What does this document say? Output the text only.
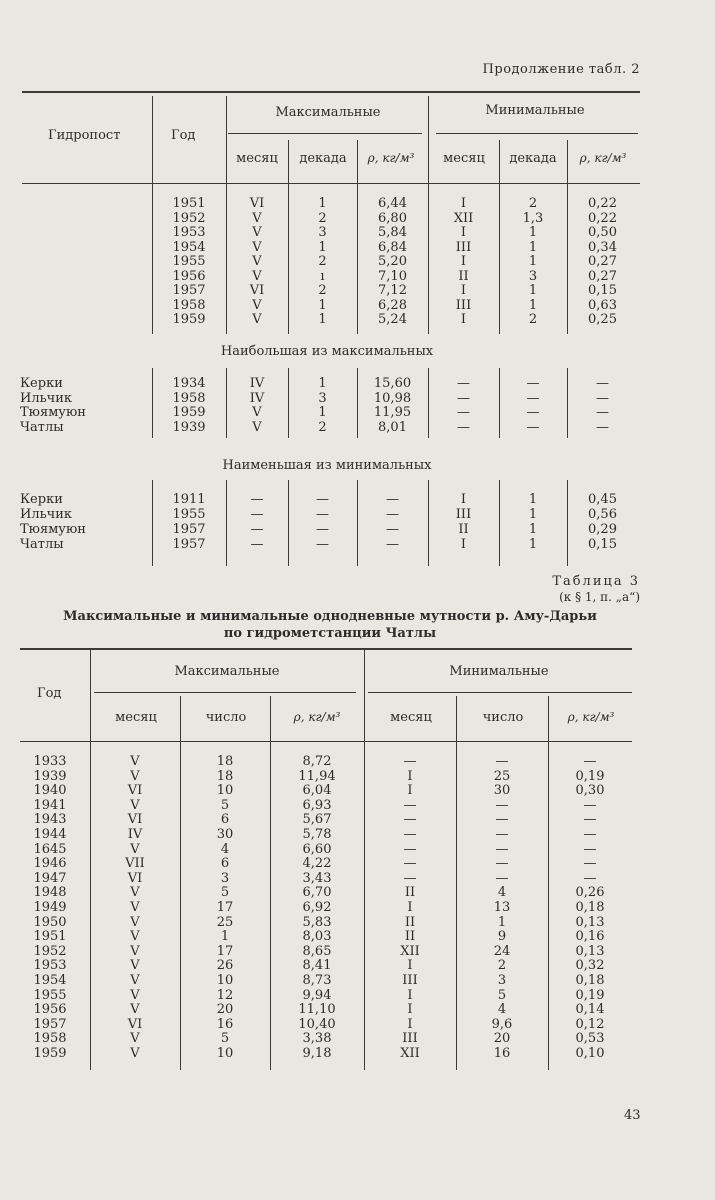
Продолжение табл. 2
Гидропост	Год
Максимальные	Минимальные
месяц	декада	ρ, кг/м³	месяц	декада	ρ, кг/м³
Наибольшая из максимальных
Наименьшая из минимальных
Таблица 3
(к § 1, п. „а“)
Максимальные и минимальные однодневные мутности р. Аму-Дарьи
по гидрометстанции Чатлы
Год
Максимальные	Минимальные
месяц	число	ρ, кг/м³	месяц	число	ρ, кг/м³
43
1951	VI	1	6,44	I	2	0,22
1952	V	2	6,80	XII	1,3	0,22
1953	V	3	5,84	I	1	0,50
1954	V	1	6,84	III	1	0,34
1955	V	2	5,20	I	1	0,27
1956	V	ı	7,10	II	3	0,27
1957	VI	2	7,12	I	1	0,15
1958	V	1	6,28	III	1	0,63
1959	V	1	5,24	I	2	0,25
Керки	1934	IV	1	15,60	—	—	—
Ильчик	1958	IV	3	10,98	—	—	—
Тюямуюн	1959	V	1	11,95	—	—	—
Чатлы	1939	V	2	8,01	—	—	—
Керки	1911	—	—	—	I	1	0,45
Ильчик	1955	—	—	—	III	1	0,56
Тюямуюн	1957	—	—	—	II	1	0,29
Чатлы	1957	—	—	—	I	1	0,15
1933	V	18	8,72	—	—	—
1939	V	18	11,94	I	25	0,19
1940	VI	10	6,04	I	30	0,30
1941	V	5	6,93	—	—	—
1943	VI	6	5,67	—	—	—
1944	IV	30	5,78	—	—	—
1645	V	4	6,60	—	—	—
1946	VII	6	4,22	—	—	—
1947	VI	3	3,43	—	—	—
1948	V	5	6,70	II	4	0,26
1949	V	17	6,92	I	13	0,18
1950	V	25	5,83	II	1	0,13
1951	V	1	8,03	II	9	0,16
1952	V	17	8,65	XII	24	0,13
1953	V	26	8,41	I	2	0,32
1954	V	10	8,73	III	3	0,18
1955	V	12	9,94	I	5	0,19
1956	V	20	11,10	I	4	0,14
1957	VI	16	10,40	I	9,6	0,12
1958	V	5	3,38	III	20	0,53
1959	V	10	9,18	XII	16	0,10
